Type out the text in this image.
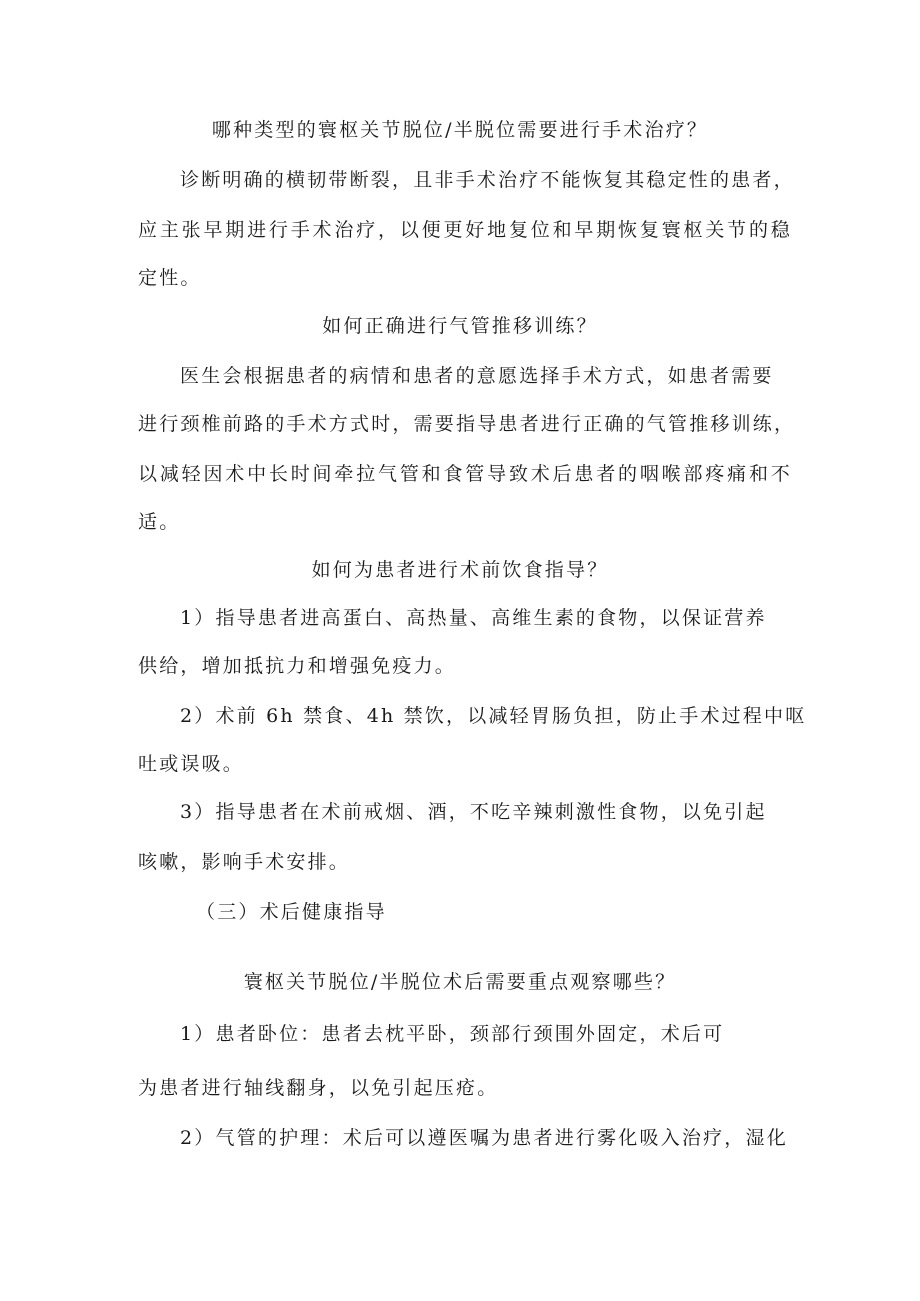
哪种类型的寰枢关节脱位/半脱位需要进行手术治疗？
诊断明确的横韧带断裂，且非手术治疗不能恢复其稳定性的患者，
应主张早期进行手术治疗，以便更好地复位和早期恢复寰枢关节的稳
定性。
如何正确进行气管推移训练？
医生会根据患者的病情和患者的意愿选择手术方式，如患者需要
进行颈椎前路的手术方式时，需要指导患者进行正确的气管推移训练，
以减轻因术中长时间牵拉气管和食管导致术后患者的咽喉部疼痛和不
适。
如何为患者进行术前饮食指导？
1）指导患者进高蛋白、高热量、高维生素的食物，以保证营养
供给，增加抵抗力和增强免疫力。
2）术前 6h 禁食、4h 禁饮，以减轻胃肠负担，防止手术过程中呕
吐或误吸。
3）指导患者在术前戒烟、酒，不吃辛辣刺激性食物，以免引起
咳嗽，影响手术安排。
（三）术后健康指导
寰枢关节脱位/半脱位术后需要重点观察哪些？
1）患者卧位：患者去枕平卧，颈部行颈围外固定，术后可
为患者进行轴线翻身，以免引起压疮。
2）气管的护理：术后可以遵医嘱为患者进行雾化吸入治疗，湿化
